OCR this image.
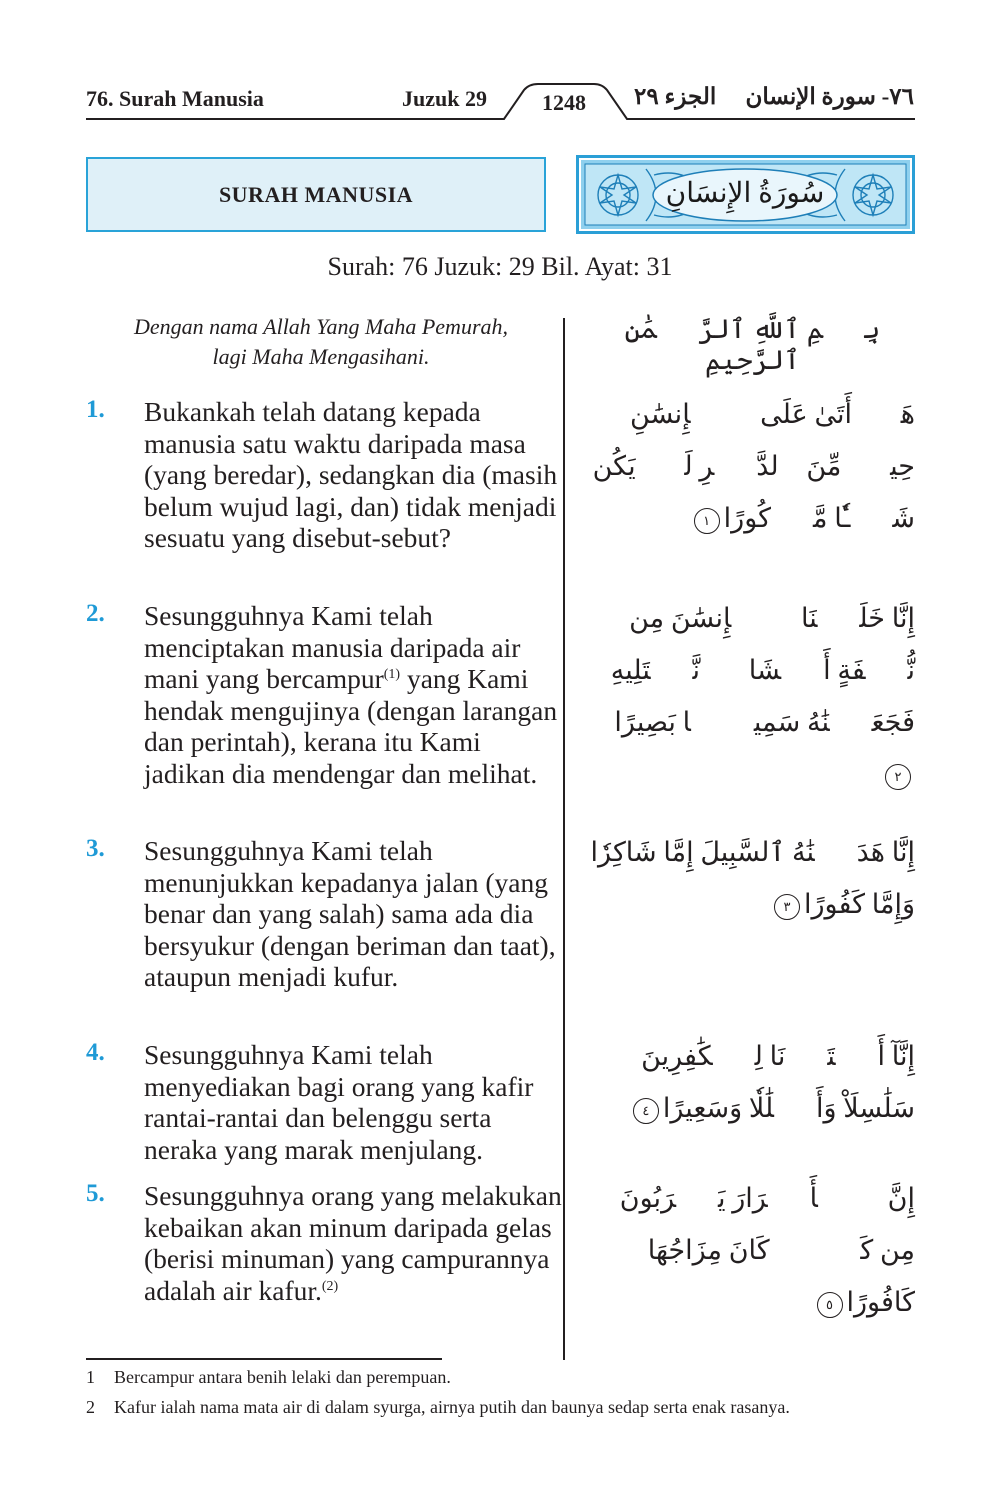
76. Surah Manusia	Juzuk 29	1248	الجزء ٢٩ ٧٦- سورة الإنسان
SURAH MANUSIA	سُورَةُ الإِنسَانِ
Surah: 76 Juzuk: 29 Bil. Ayat: 31
Dengan nama Allah Yang Maha Pemurah,
lagi Maha Mengasihani.
بِسۡمِ ٱللَّهِ ٱلرَّحۡمَٰنِ ٱلرَّحِيمِ
1. Bukankah telah datang kepada manusia satu waktu daripada masa (yang beredar), sedangkan dia (masih belum wujud lagi, dan) tidak menjadi sesuatu yang disebut-sebut?
هَلۡ أَتَىٰ عَلَى ٱلۡإِنسَٰنِ حِينٞ مِّنَ ٱلدَّهۡرِ لَمۡ يَكُن شَيۡـٔٗا مَّذۡكُورًا١
2. Sesungguhnya Kami telah menciptakan manusia daripada air mani yang bercampur$^{(1)}$ yang Kami hendak mengujinya (dengan larangan dan perintah), kerana itu Kami jadikan dia mendengar dan melihat.
إِنَّا خَلَقۡنَا ٱلۡإِنسَٰنَ مِن نُّطۡفَةٍ أَمۡشَاجٖ نَّبۡتَلِيهِ فَجَعَلۡنَٰهُ سَمِيعَۢا بَصِيرًا٢
3. Sesungguhnya Kami telah menunjukkan kepadanya jalan (yang benar dan yang salah) sama ada dia bersyukur (dengan beriman dan taat), ataupun menjadi kufur.
إِنَّا هَدَيۡنَٰهُ ٱلسَّبِيلَ إِمَّا شَاكِرٗا وَإِمَّا كَفُورًا٣
4. Sesungguhnya Kami telah menyediakan bagi orang yang kafir rantai-rantai dan belenggu serta neraka yang marak menjulang.
إِنَّآ أَعۡتَدۡنَا لِلۡكَٰفِرِينَ سَلَٰسِلَاْ وَأَغۡلَٰلٗا وَسَعِيرًا٤
5. Sesungguhnya orang yang melakukan kebaikan akan minum daripada gelas (berisi minuman) yang campurannya adalah air kafur.$^{(2)}$
إِنَّ ٱلۡأَبۡرَارَ يَشۡرَبُونَ مِن كَأۡسٖ كَانَ مِزَاجُهَا كَافُورًا٥
1 Bercampur antara benih lelaki dan perempuan.
2 Kafur ialah nama mata air di dalam syurga, airnya putih dan baunya sedap serta enak rasanya.
